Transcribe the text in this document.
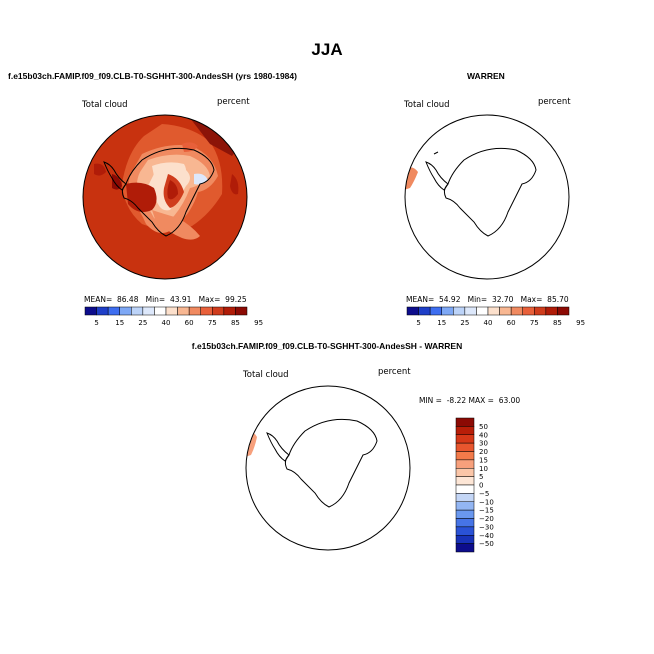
JJA
f.e15b03ch.FAMIP.f09_f09.CLB-T0-SGHHT-300-AndesSH (yrs 1980-1984)
Total cloud	percent
MEAN=  86.48   Min=  43.91   Max=  99.25
5 15 25 40 60 75 85 95
WARREN
Total cloud	percent
MEAN=  54.92   Min=  32.70   Max=  85.70
5 15 25 40 60 75 85 95
f.e15b03ch.FAMIP.f09_f09.CLB-T0-SGHHT-300-AndesSH - WARREN
Total cloud	percent
MIN =  -8.22 MAX =  63.00
50
40
30
20
15
10
5
0
−5
−10
−15
−20
−30
−40
−50
